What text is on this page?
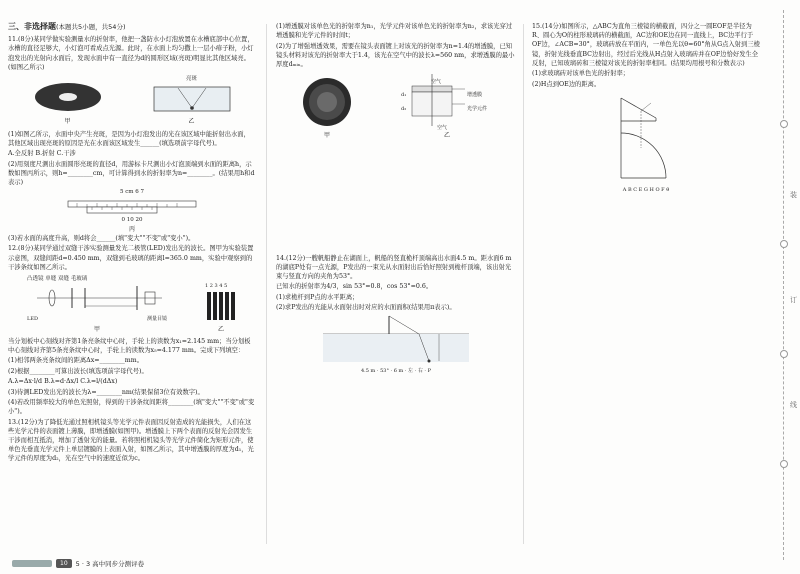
三、非选择题(本题共5小题，共54分)

11.(8分)某同学做实验测量水的折射率，他把一盏防水小灯泡放置在水槽底部中心位置，水槽的直径足够大，小灯泡可看成点光源。此时，在水面上均匀撒上一层小痱子粉，小灯泡发出的光射向水面后，发现水面中有一直径为d的圆形区域(亮斑)明显比其他区域亮。(如图乙所示)

甲
亮斑
乙

(1)如图乙所示，水面中央产生亮斑，是因为小灯泡发出的光在该区域中能折射出水面，其他区域出现亮斑的原因是光在水面该区域发生______(填选项前字母代号)。

A.全反射 B.折射 C.干涉

(2)用刻度尺测出水面圆形亮斑的直径d，用游标卡尺测出小灯泡顶端到水面的距离h，示数如图丙所示，则h=________cm，可计算得到水的折射率为n=________。(结果用h和d表示)

5 cm 6 7
0 10 20
丙

(3)若水面的高度升高，则d将会______(填"变大""不变"或"变小")。

12.(8分)某同学通过双缝干涉实验测量发光二极管(LED)发出光的波长。图甲为实验装置示意图，双缝间距d=0.450 mm，双缝到毛玻璃的距离l=365.0 mm，实验中观察到的干涉条纹如图乙所示。

凸透镜 单缝 双缝 毛玻璃
LED	测量目镜
甲
1 2 3 4 5
乙

当分划板中心刻线对齐第1条亮条纹中心时，手轮上的读数为x₁=2.145 mm；当分划板中心刻线对齐第5条亮条纹中心时，手轮上的读数为x₅=4.177 mm。完成下列填空：

(1)相邻两条亮条纹间的距离Δx=________mm。

(2)根据________可算出波长(填选项前字母代号)。

A.λ=Δx·l/d B.λ=d·Δx/l C.λ=l/(dΔx)

(3)待测LED发出光的波长为λ=________nm(结果保留3位有效数字)。

(4)若改用频率较大的单色光照射，得到的干涉条纹间距将________(填"变大""不变"或"变小")。

13.(12分)为了降低光通过照相机镜头等光学元件表面因反射造成的光能损失，人们在这些光学元件的表面镀上薄膜，即增透膜(如图甲)。增透膜上下两个表面的反射光会因发生干涉而相互抵消，增加了透射光的能量。若将照相机镜头等光学元件简化为矩形元件，使单色光垂直光学元件上单层镀膜的上表面入射，如图乙所示，其中增透膜的厚度为d₁，光学元件的厚度为d₂，光在空气中的速度近似为c。

(1)增透膜对该单色光的折射率为n₁，光学元件对该单色光的折射率为n₂，求该光穿过增透膜和光学元件的时间t；

(2)为了增强增透效果，需要在镜头表面镀上对该光的折射率为n=1.4的增透膜，已知镜头材料对该光的折射率大于1.4，该光在空气中的波长λ=560 nm，求增透膜的最小厚度dₘᵢₙ。

甲
空气
增透膜
光学元件
空气
d₁
d₂
乙

14.(12分)一艘帆船静止在湖面上，帆船的竖直桅杆顶端高出水面4.5 m。距水面6 m的湖底P处有一点光源，P发出的一束光从水面射出后恰好照射到桅杆顶端，该出射光束与竖直方向的夹角为53°。

已知水的折射率为4/3，sin 53°=0.8，cos 53°=0.6。

(1)求桅杆到P点的水平距离；

(2)求P发出的光能从水面射出时对应的水面面积(结果用π表示)。

4.5 m · 53° · 6 m · 左 · 右 · P

15.(14分)如图所示，△ABC为直角三棱镜的横截面，四分之一圆EOF是半径为R、圆心为O的柱形玻璃砖的横截面，AC边和OE边在同一直线上，BC边平行于OF边，∠ACB=30°，玻璃砖放在平面内，一单色光以θ=60°角从G点入射到三棱镜，折射光线垂直BC边射出，经过后光线从H点射入玻璃砖并在OF边恰好发生全反射，已知玻璃砖和三棱镜对该光的折射率相同。(结果均用根号和分数表示)

(1)求玻璃砖对该单色光的折射率；

(2)H点到OE边的距离。

A B C E G H O F θ
装
订
线
10	5 · 3 高中同步分测评卷
